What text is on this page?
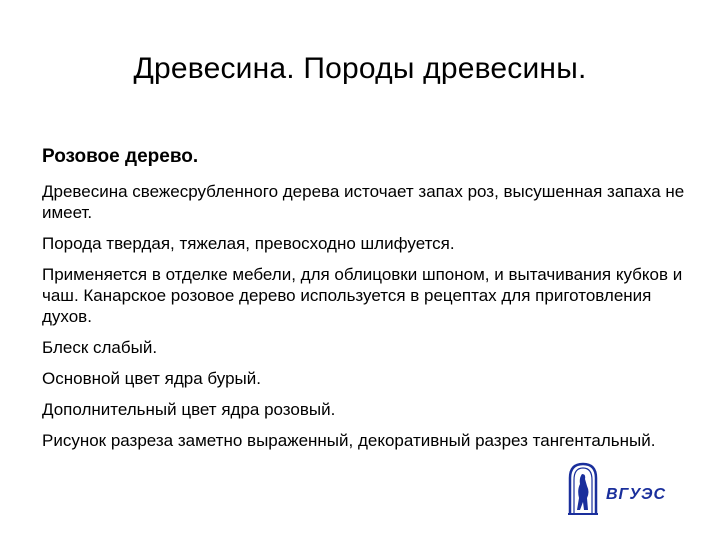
Древесина. Породы древесины.
Розовое дерево.

Древесина свежесрубленного дерева источает запах роз, высушенная запаха не имеет.

Порода твердая, тяжелая, превосходно шлифуется.

Применяется в отделке мебели, для облицовки шпоном, и вытачивания кубков и чаш. Канарское розовое дерево используется в рецептах для приготовления духов.

Блеск слабый.

Основной цвет ядра бурый.

Дополнительный цвет ядра розовый.

Рисунок разреза заметно выраженный, декоративный разрез тангентальный.

ВГУЭС
